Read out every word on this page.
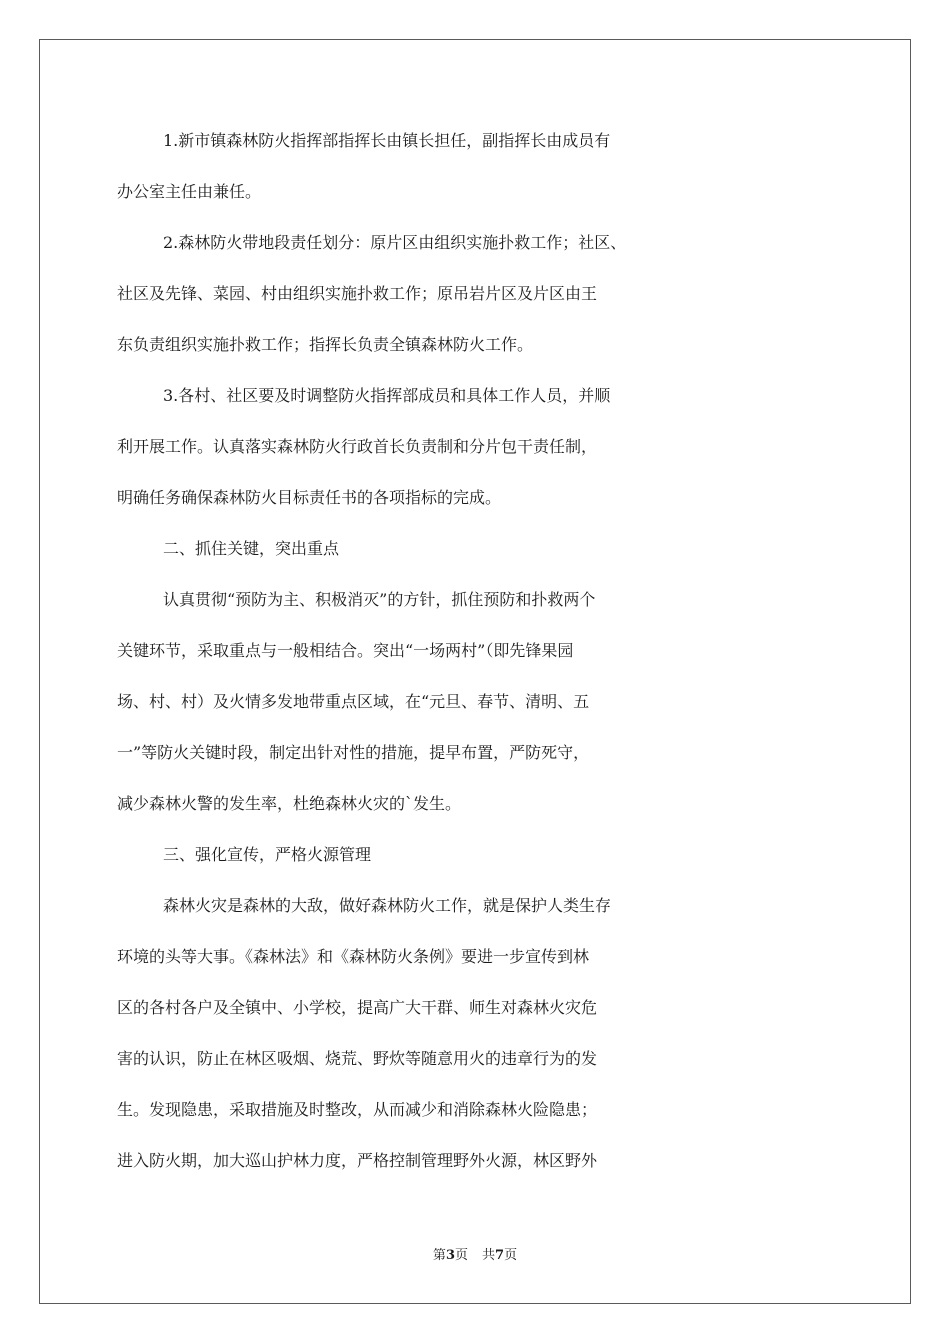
1.新市镇森林防火指挥部指挥长由镇长担任，副指挥长由成员有
办公室主任由兼任。
2.森林防火带地段责任划分：原片区由组织实施扑救工作；社区、
社区及先锋、菜园、村由组织实施扑救工作；原吊岩片区及片区由王
东负责组织实施扑救工作；指挥长负责全镇森林防火工作。
3.各村、社区要及时调整防火指挥部成员和具体工作人员，并顺
利开展工作。认真落实森林防火行政首长负责制和分片包干责任制，
明确任务确保森林防火目标责任书的各项指标的完成。
二、抓住关键，突出重点
认真贯彻“预防为主、积极消灭”的方针，抓住预防和扑救两个
关键环节，采取重点与一般相结合。突出“一场两村”（即先锋果园
场、村、村）及火情多发地带重点区域，在“元旦、春节、清明、五
一”等防火关键时段，制定出针对性的措施，提早布置，严防死守，
减少森林火警的发生率，杜绝森林火灾的`发生。
三、强化宣传，严格火源管理
森林火灾是森林的大敌，做好森林防火工作，就是保护人类生存
环境的头等大事。《森林法》和《森林防火条例》要进一步宣传到林
区的各村各户及全镇中、小学校，提高广大干群、师生对森林火灾危
害的认识，防止在林区吸烟、烧荒、野炊等随意用火的违章行为的发
生。发现隐患，采取措施及时整改，从而减少和消除森林火险隐患；
进入防火期，加大巡山护林力度，严格控制管理野外火源，林区野外
第3页 共7页
